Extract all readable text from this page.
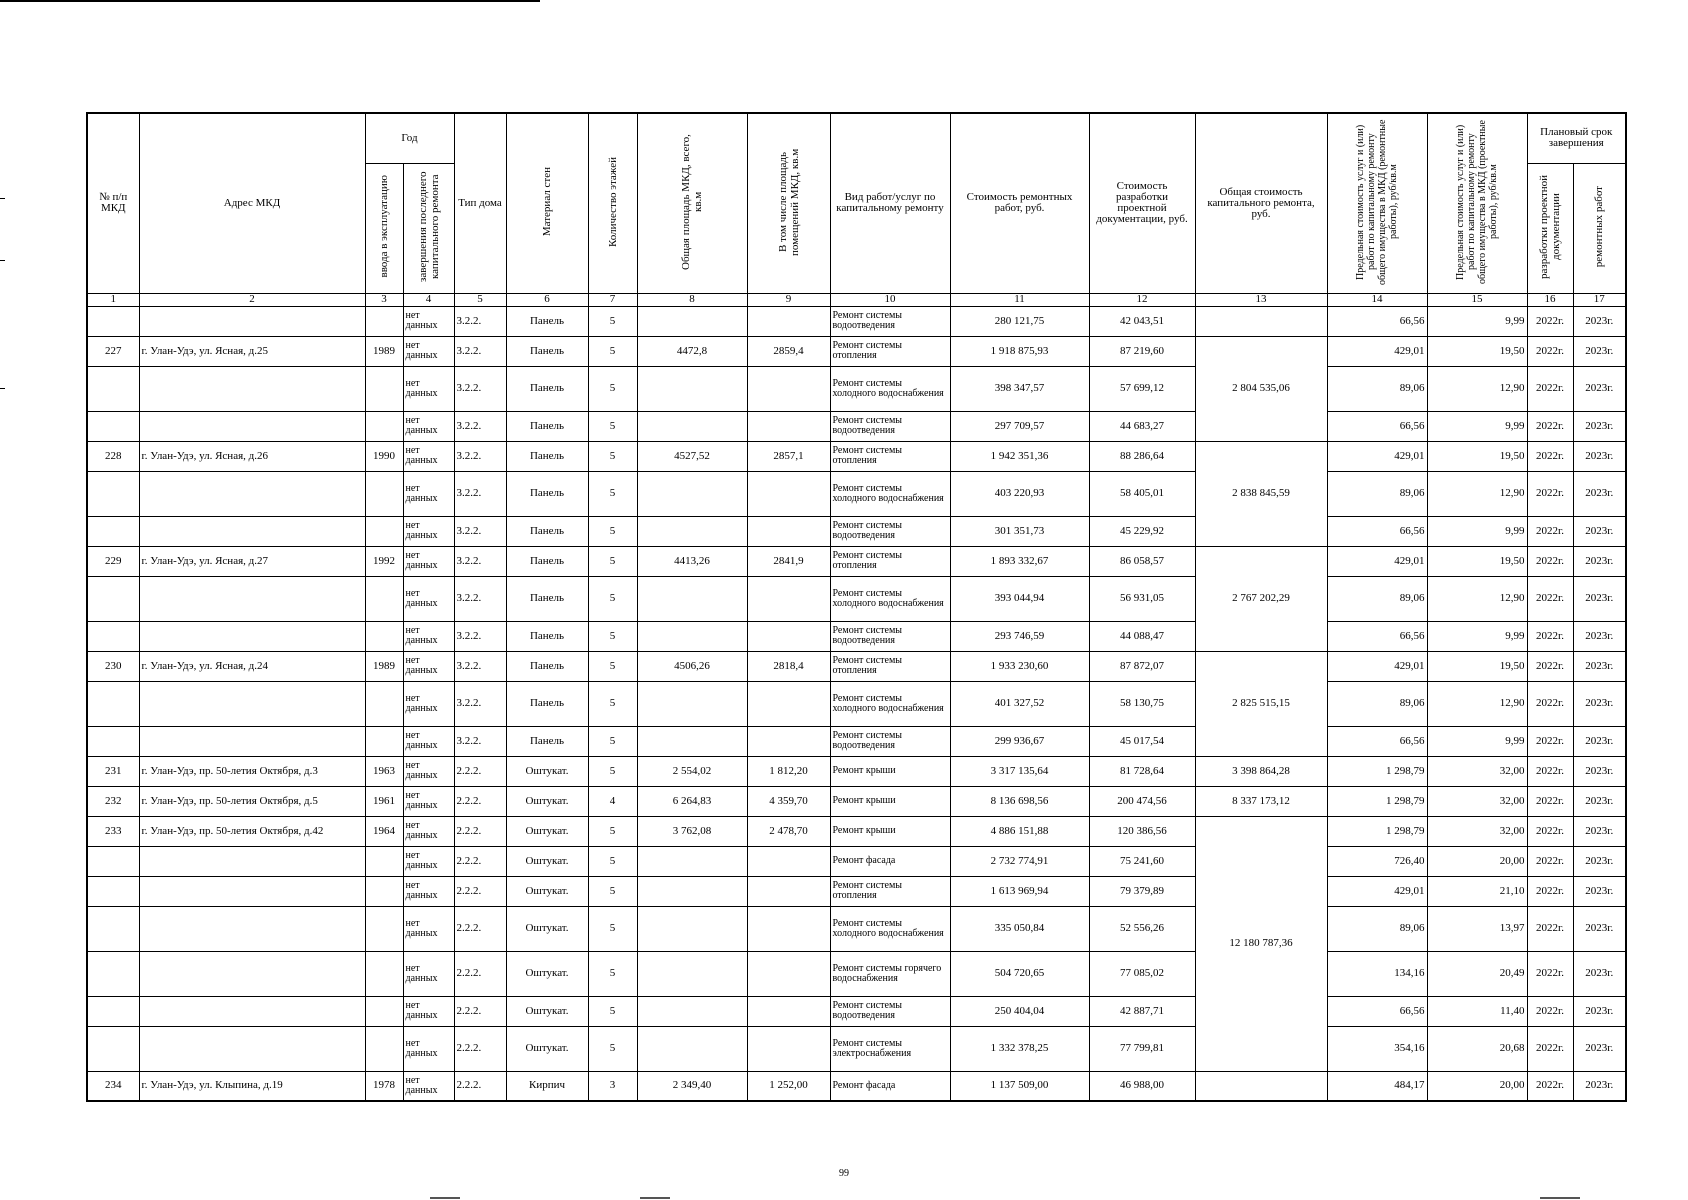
№ п/п МКД	Адрес МКД	Год		Тип дома	Материал стен	Количество этажей	Общая площадь МКД, всего, кв.м	В том числе площадь помещений МКД, кв.м	Вид работ/услуг по капитальному ремонту	Стоимость ремонтных работ, руб.	Стоимость разработки проектной документации, руб.	Общая стоимость капитального ремонта, руб.	Предельная стоимость услуг и (или) работ по капитальному ремонту общего имущества в МКД (ремонтные работы), руб/кв.м	Предельная стоимость услуг и (или) работ по капитальному ремонту общего имущества в МКД (проектные работы), руб/кв.м	Плановый срок завершения	
		ввода в эксплуатацию	завершения последнего капитального ремонта												разработки проектной документации	ремонтных работ
1	2	3	4	5	6	7	8	9	10	11	12	13	14	15	16	17
			нет данных	3.2.2.	Панель	5			Ремонт системы водоотведения	280 121,75	42 043,51		66,56	9,99	2022г.	2023г.
227	г. Улан-Удэ, ул. Ясная, д.25	1989	нет данных	3.2.2.	Панель	5	4472,8	2859,4	Ремонт системы отопления	1 918 875,93	87 219,60	2 804 535,06	429,01	19,50	2022г.	2023г.
			нет данных	3.2.2.	Панель	5			Ремонт системы холодного водоснабжения	398 347,57	57 699,12		89,06	12,90	2022г.	2023г.
			нет данных	3.2.2.	Панель	5			Ремонт системы водоотведения	297 709,57	44 683,27		66,56	9,99	2022г.	2023г.
228	г. Улан-Удэ, ул. Ясная, д.26	1990	нет данных	3.2.2.	Панель	5	4527,52	2857,1	Ремонт системы отопления	1 942 351,36	88 286,64	2 838 845,59	429,01	19,50	2022г.	2023г.
			нет данных	3.2.2.	Панель	5			Ремонт системы холодного водоснабжения	403 220,93	58 405,01		89,06	12,90	2022г.	2023г.
			нет данных	3.2.2.	Панель	5			Ремонт системы водоотведения	301 351,73	45 229,92		66,56	9,99	2022г.	2023г.
229	г. Улан-Удэ, ул. Ясная, д.27	1992	нет данных	3.2.2.	Панель	5	4413,26	2841,9	Ремонт системы отопления	1 893 332,67	86 058,57	2 767 202,29	429,01	19,50	2022г.	2023г.
			нет данных	3.2.2.	Панель	5			Ремонт системы холодного водоснабжения	393 044,94	56 931,05		89,06	12,90	2022г.	2023г.
			нет данных	3.2.2.	Панель	5			Ремонт системы водоотведения	293 746,59	44 088,47		66,56	9,99	2022г.	2023г.
230	г. Улан-Удэ, ул. Ясная, д.24	1989	нет данных	3.2.2.	Панель	5	4506,26	2818,4	Ремонт системы отопления	1 933 230,60	87 872,07	2 825 515,15	429,01	19,50	2022г.	2023г.
			нет данных	3.2.2.	Панель	5			Ремонт системы холодного водоснабжения	401 327,52	58 130,75		89,06	12,90	2022г.	2023г.
			нет данных	3.2.2.	Панель	5			Ремонт системы водоотведения	299 936,67	45 017,54		66,56	9,99	2022г.	2023г.
231	г. Улан-Удэ, пр. 50-летия Октября, д.3	1963	нет данных	2.2.2.	Оштукат.	5	2 554,02	1 812,20	Ремонт крыши	3 317 135,64	81 728,64	3 398 864,28	1 298,79	32,00	2022г.	2023г.
232	г. Улан-Удэ, пр. 50-летия Октября, д.5	1961	нет данных	2.2.2.	Оштукат.	4	6 264,83	4 359,70	Ремонт крыши	8 136 698,56	200 474,56	8 337 173,12	1 298,79	32,00	2022г.	2023г.
233	г. Улан-Удэ, пр. 50-летия Октября, д.42	1964	нет данных	2.2.2.	Оштукат.	5	3 762,08	2 478,70	Ремонт крыши	4 886 151,88	120 386,56	12 180 787,36	1 298,79	32,00	2022г.	2023г.
			нет данных	2.2.2.	Оштукат.	5			Ремонт фасада	2 732 774,91	75 241,60		726,40	20,00	2022г.	2023г.
			нет данных	2.2.2.	Оштукат.	5			Ремонт системы отопления	1 613 969,94	79 379,89		429,01	21,10	2022г.	2023г.
			нет данных	2.2.2.	Оштукат.	5			Ремонт системы холодного водоснабжения	335 050,84	52 556,26		89,06	13,97	2022г.	2023г.
			нет данных	2.2.2.	Оштукат.	5			Ремонт системы горячего водоснабжения	504 720,65	77 085,02		134,16	20,49	2022г.	2023г.
			нет данных	2.2.2.	Оштукат.	5			Ремонт системы водоотведения	250 404,04	42 887,71		66,56	11,40	2022г.	2023г.
			нет данных	2.2.2.	Оштукат.	5			Ремонт системы электроснабжения	1 332 378,25	77 799,81		354,16	20,68	2022г.	2023г.
234	г. Улан-Удэ, ул. Клыпина, д.19	1978	нет данных	2.2.2.	Кирпич	3	2 349,40	1 252,00	Ремонт фасада	1 137 509,00	46 988,00		484,17	20,00	2022г.	2023г.
99
